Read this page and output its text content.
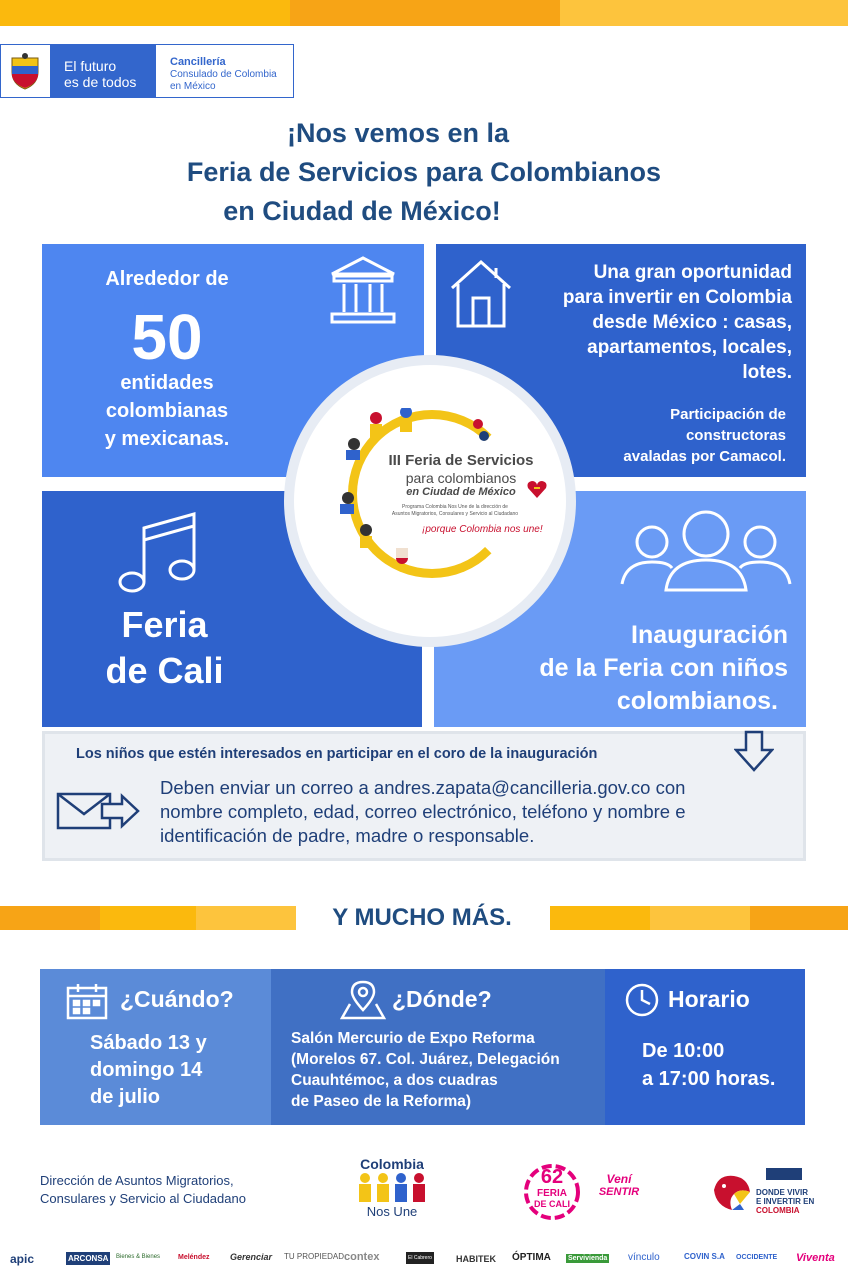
El futuro
es de todos
Cancillería
Consulado de Colombia
en México
¡Nos vemos en la
Feria de Servicios para Colombianos
en Ciudad de México!
Alrededor de
50
entidades
colombianas
y mexicanas.
Una gran oportunidad
para invertir en Colombia
desde México : casas,
apartamentos, locales,
lotes.
Participación de
constructoras
avaladas por Camacol.
Feria
de Cali
Inauguración
de la Feria con niños
colombianos.
III Feria de Servicios
para colombianos
en Ciudad de México
Programa Colombia Nos Une de la dirección de
Asuntos Migratorios, Consulares y Servicio al Ciudadano
¡porque Colombia nos une!
Los niños que estén interesados en participar en el coro de la inauguración
Deben enviar un correo a andres.zapata@cancilleria.gov.co con
nombre completo, edad, correo electrónico, teléfono y nombre e
identificación de padre, madre o responsable.
Y MUCHO MÁS.
¿Cuándo?
Sábado 13 y
domingo 14
de julio
¿Dónde?
Salón Mercurio de Expo Reforma
(Morelos 67. Col. Juárez, Delegación
Cuauhtémoc, a dos cuadras
de Paseo de la Reforma)
Horario
De 10:00
a 17:00 horas.
Dirección de Asuntos Migratorios,
Consulares y Servicio al Ciudadano
Colombia
Nos Une
62
FERIA
DE CALI
Vení
SENTIR	DONDE VIVIR
E INVERTIR EN
COLOMBIA
apic	ARCONSA	Bienes & Bienes	Meléndez Gerenciar TU PROPIEDAD contex	El Cabrero	HABITEK ÓPTIMA Servivienda vínculo	COVIN S.A OCCIDENTE Viventa
